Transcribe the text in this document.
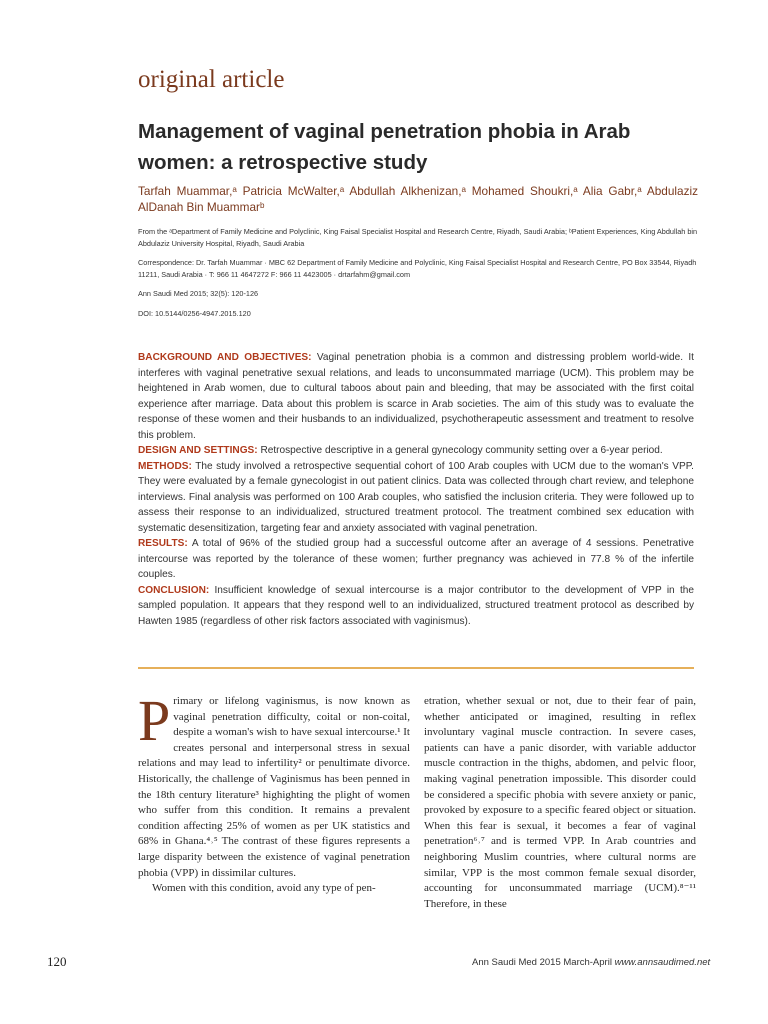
original article
Management of vaginal penetration phobia in Arab women: a retrospective study
Tarfah Muammar,ᵃ Patricia McWalter,ᵃ Abdullah Alkhenizan,ᵃ Mohamed Shoukri,ᵃ Alia Gabr,ᵃ Abdulaziz AlDanah Bin Muammarᵇ
From the ᵃDepartment of Family Medicine and Polyclinic, King Faisal Specialist Hospital and Research Centre, Riyadh, Saudi Arabia; ᵇPatient Experiences, King Abdullah bin Abdulaziz University Hospital, Riyadh, Saudi Arabia
Correspondence: Dr. Tarfah Muammar · MBC 62 Department of Family Medicine and Polyclinic, King Faisal Specialist Hospital and Research Centre, PO Box 33544, Riyadh 11211, Saudi Arabia · T: 966 11 4647272 F: 966 11 4423005 · drtarfahm@gmail.com
Ann Saudi Med 2015; 32(5): 120-126
DOI: 10.5144/0256-4947.2015.120

BACKGROUND AND OBJECTIVES: Vaginal penetration phobia is a common and distressing problem world-wide. It interferes with vaginal penetrative sexual relations, and leads to unconsummated marriage (UCM). This problem may be heightened in Arab women, due to cultural taboos about pain and bleeding, that may be associated with the first coital experience after marriage. Data about this problem is scarce in Arab societies. The aim of this study was to evaluate the response of these women and their husbands to an individualized, psychotherapeutic assessment and treatment to resolve this problem.

DESIGN AND SETTINGS: Retrospective descriptive in a general gynecology community setting over a 6-year period.

METHODS: The study involved a retrospective sequential cohort of 100 Arab couples with UCM due to the woman's VPP. They were evaluated by a female gynecologist in out patient clinics. Data was collected through chart review, and telephone interviews. Final analysis was performed on 100 Arab couples, who satisfied the inclusion criteria. They were followed up to assess their response to an individualized, structured treatment protocol. The treatment combined sex education with systematic desensitization, targeting fear and anxiety associated with vaginal penetration.

RESULTS: A total of 96% of the studied group had a successful outcome after an average of 4 sessions. Penetrative intercourse was reported by the tolerance of these women; further pregnancy was achieved in 77.8 % of the infertile couples.

CONCLUSION: Insufficient knowledge of sexual intercourse is a major contributor to the development of VPP in the sampled population. It appears that they respond well to an individualized, structured treatment protocol as described by Hawten 1985 (regardless of other risk factors associated with vaginismus).

Primary or lifelong vaginismus, is now known as vaginal penetration difficulty, coital or non-coital, despite a woman's wish to have sexual intercourse.¹ It creates personal and interpersonal stress in sexual relations and may lead to infertility² or penultimate divorce. Historically, the challenge of Vaginismus has been penned in the 18th century literature³ highighting the plight of women who suffer from this condition. It remains a prevalent condition affecting 25% of women as per UK statistics and 68% in Ghana.⁴˒⁵ The contrast of these figures represents a large disparity between the existence of vaginal penetration phobia (VPP) in dissimilar cultures.

Women with this condition, avoid any type of pen-

etration, whether sexual or not, due to their fear of pain, whether anticipated or imagined, resulting in reflex involuntary vaginal muscle contraction. In severe cases, patients can have a panic disorder, with variable adductor muscle contraction in the thighs, abdomen, and pelvic floor, making vaginal penetration impossible. This disorder could be considered a specific phobia with severe anxiety or panic, provoked by exposure to a specific feared object or situation. When this fear is sexual, it becomes a fear of vaginal penetration⁶˒⁷ and is termed VPP. In Arab countries and neighboring Muslim countries, where cultural norms are similar, VPP is the most common female sexual disorder, accounting for unconsummated marriage (UCM).⁸⁻¹¹ Therefore, in these

120	Ann Saudi Med 2015 March-April www.annsaudimed.net
